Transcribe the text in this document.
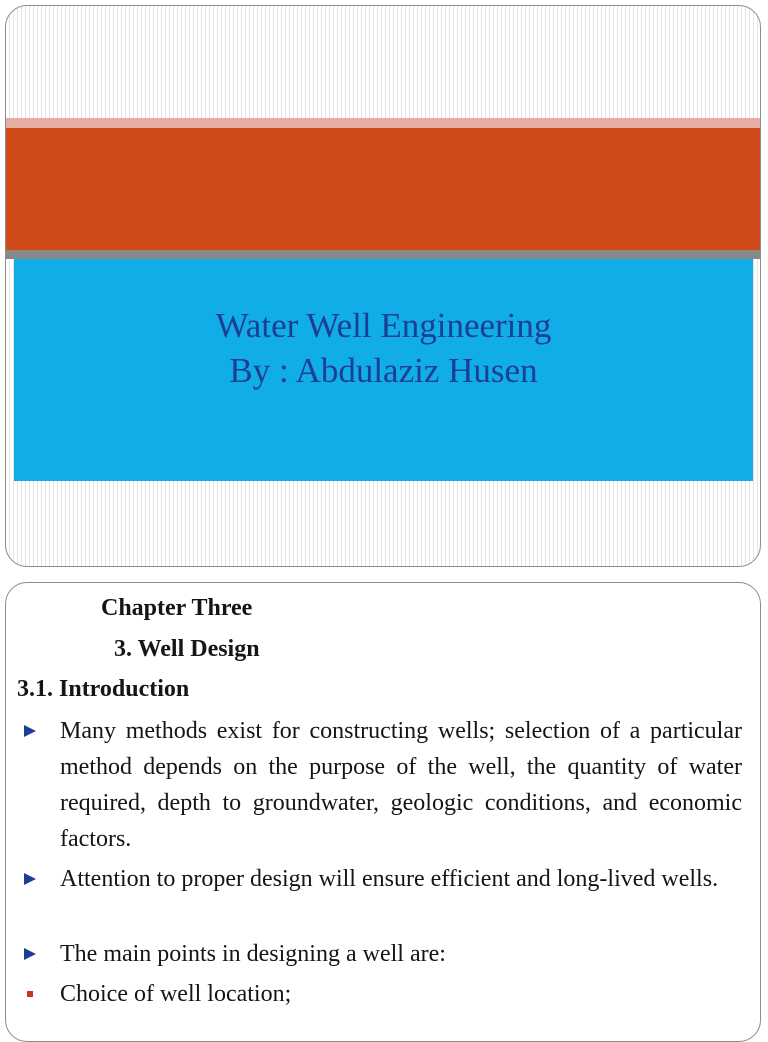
Water Well Engineering
By : Abdulaziz Husen
Chapter Three
3. Well Design
3.1. Introduction
Many methods exist for constructing wells; selection of a particular method depends on the purpose of the well, the quantity of water required, depth to groundwater, geologic conditions, and economic factors.
Attention to proper design will ensure efficient and long-lived wells.
The main points in designing a well are:
Choice of well location;
